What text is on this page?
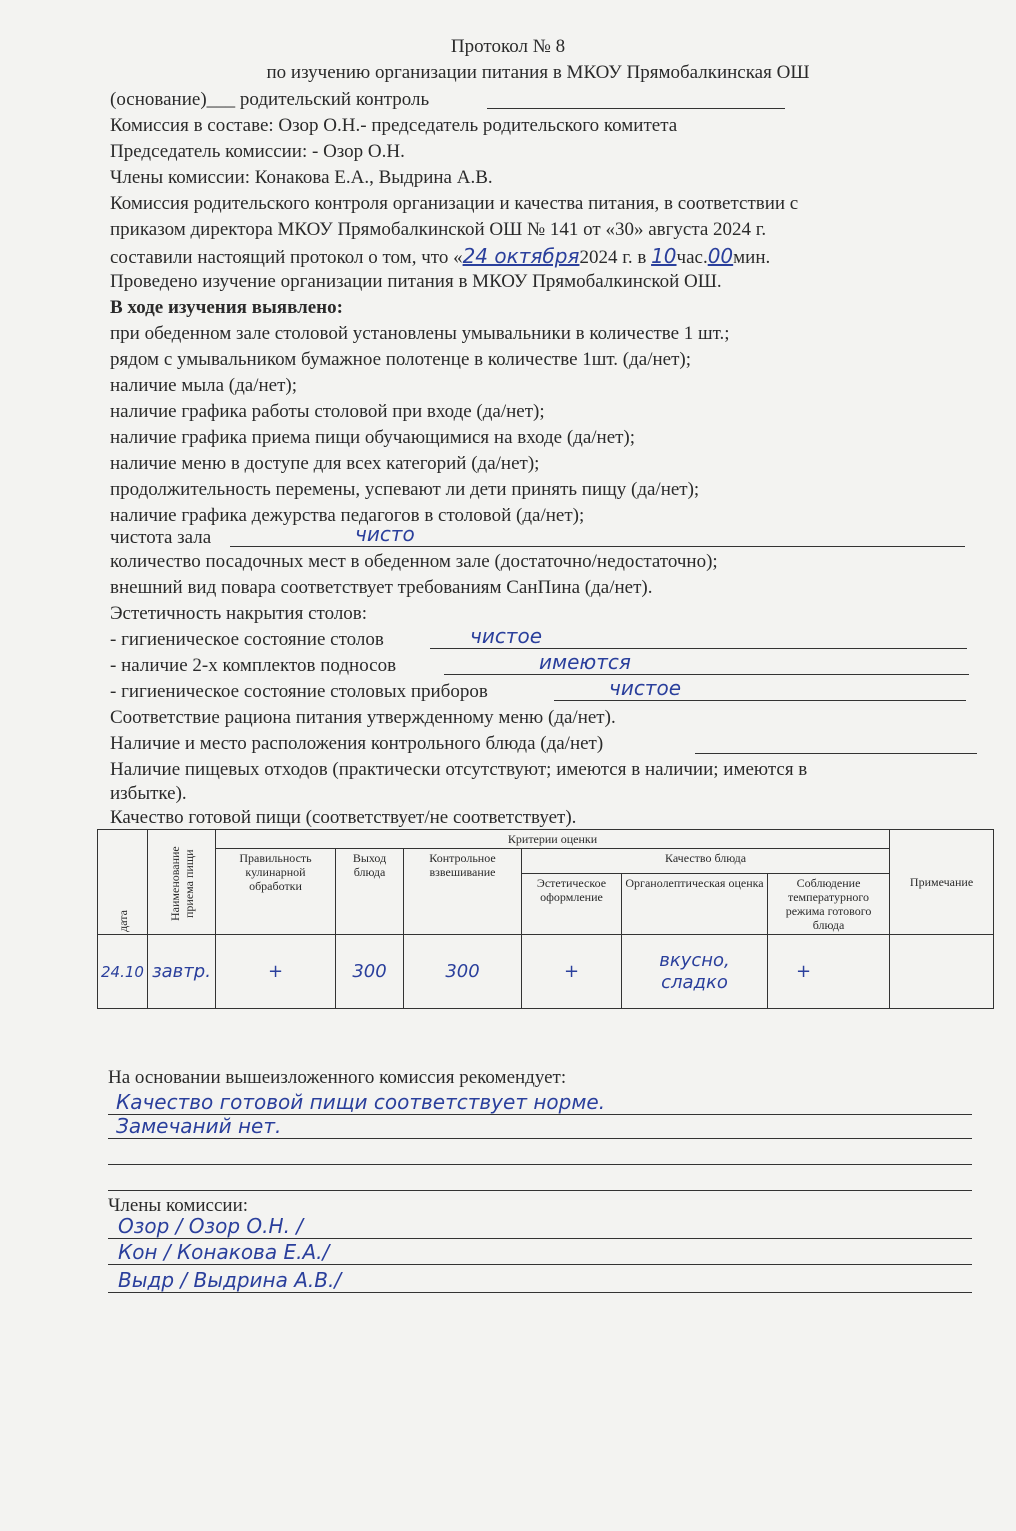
Протокол № 8
по изучению организации питания в МКОУ Прямобалкинская ОШ
(основание)___ родительский контроль
Комиссия в составе: Озор О.Н.- председатель родительского комитета
Председатель комиссии: - Озор О.Н.
Члены комиссии: Конакова Е.А., Выдрина А.В.
Комиссия родительского контроля организации и качества питания, в соответствии с
приказом директора МКОУ Прямобалкинской ОШ № 141 от «30» августа 2024 г.
составили настоящий протокол о том, что «24 октября2024 г. в 10час.00мин.
Проведено изучение организации питания в МКОУ Прямобалкинской ОШ.
В ходе изучения выявлено:
при обеденном зале столовой установлены умывальники в количестве 1 шт.;
рядом с умывальником бумажное полотенце в количестве 1шт. (да/нет);
наличие мыла (да/нет);
наличие графика работы столовой при входе (да/нет);
наличие графика приема пищи обучающимися на входе (да/нет);
наличие меню в доступе для всех категорий (да/нет);
продолжительность перемены, успевают ли дети принять пищу (да/нет);
наличие графика дежурства педагогов в столовой (да/нет);
чистота зала	чисто
количество посадочных мест в обеденном зале (достаточно/недостаточно);
внешний вид повара соответствует требованиям СанПина (да/нет).
Эстетичность накрытия столов:
- гигиеническое состояние столов	чистое
- наличие 2-х комплектов подносов	имеются
- гигиеническое состояние столовых приборов	чистое
Соответствие рациона питания утвержденному меню (да/нет).
Наличие и место расположения контрольного блюда (да/нет)
Наличие пищевых отходов (практически отсутствуют; имеются в наличии; имеются в
избытке).
Качество готовой пищи (соответствует/не соответствует).
дата	Наименование приема пищи	Критерии оценки						Примечание
		Правильность кулинарной обработки	Выход блюда	Контрольное взвешивание	Качество блюда			
					Эстетическое оформление	Органолептическая оценка	Соблюдение температурного режима готового блюда	
24.10	завтр.	+	300	300	+	вкусно, сладко	+	
На основании вышеизложенного комиссия рекомендует:
Качество готовой пищи соответствует норме.
Замечаний нет.
Члены комиссии:
Озор / Озор О.Н. /
Кон / Конакова Е.А./
Выдр / Выдрина А.В./
